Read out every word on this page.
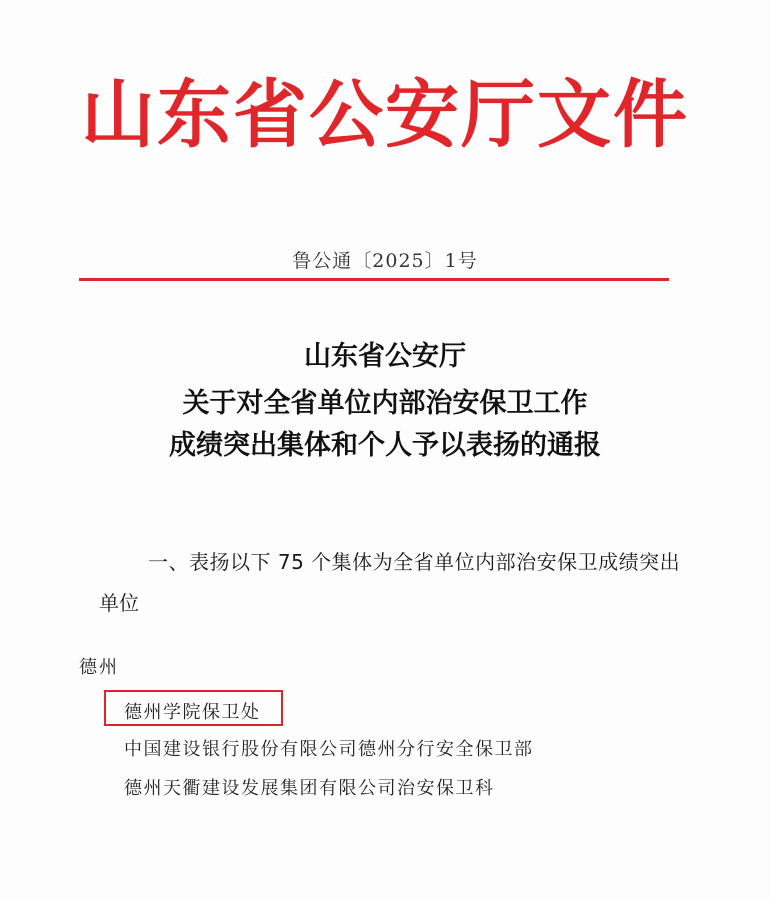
山东省公安厅文件
鲁公通〔2025〕1号
山东省公安厅
关于对全省单位内部治安保卫工作
成绩突出集体和个人予以表扬的通报
一、表扬以下 75 个集体为全省单位内部治安保卫成绩突出
单位
德州
德州学院保卫处
中国建设银行股份有限公司德州分行安全保卫部
德州天衢建设发展集团有限公司治安保卫科
